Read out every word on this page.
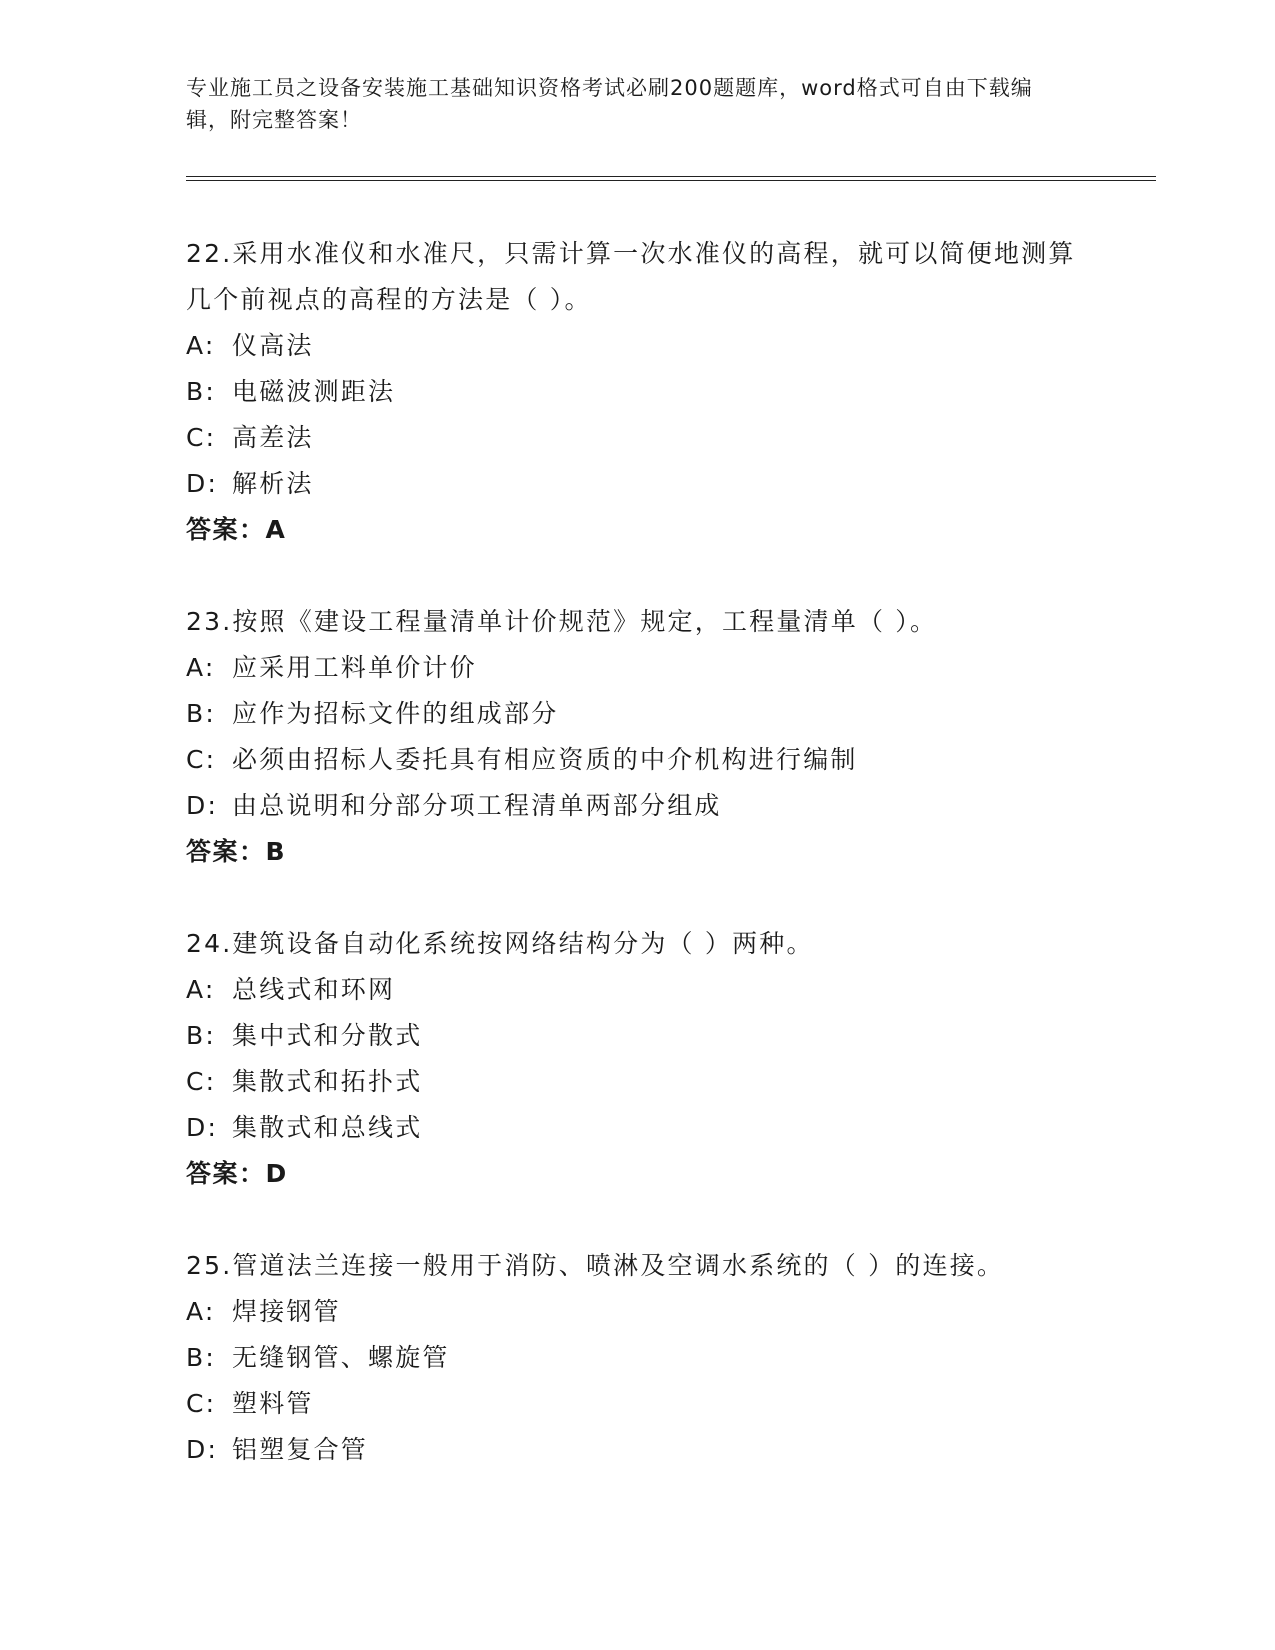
专业施工员之设备安装施工基础知识资格考试必刷200题题库，word格式可自由下载编辑，附完整答案！

22.采用水准仪和水准尺，只需计算一次水准仪的高程，就可以简便地测算几个前视点的高程的方法是（ ）。

A: 仪高法

B: 电磁波测距法

C: 高差法

D: 解析法

答案：A

23.按照《建设工程量清单计价规范》规定，工程量清单（ ）。

A: 应采用工料单价计价

B: 应作为招标文件的组成部分

C: 必须由招标人委托具有相应资质的中介机构进行编制

D: 由总说明和分部分项工程清单两部分组成

答案：B

24.建筑设备自动化系统按网络结构分为（ ）两种。

A: 总线式和环网

B: 集中式和分散式

C: 集散式和拓扑式

D: 集散式和总线式

答案：D

25.管道法兰连接一般用于消防、喷淋及空调水系统的（ ）的连接。

A: 焊接钢管

B: 无缝钢管、螺旋管

C: 塑料管

D: 铝塑复合管
